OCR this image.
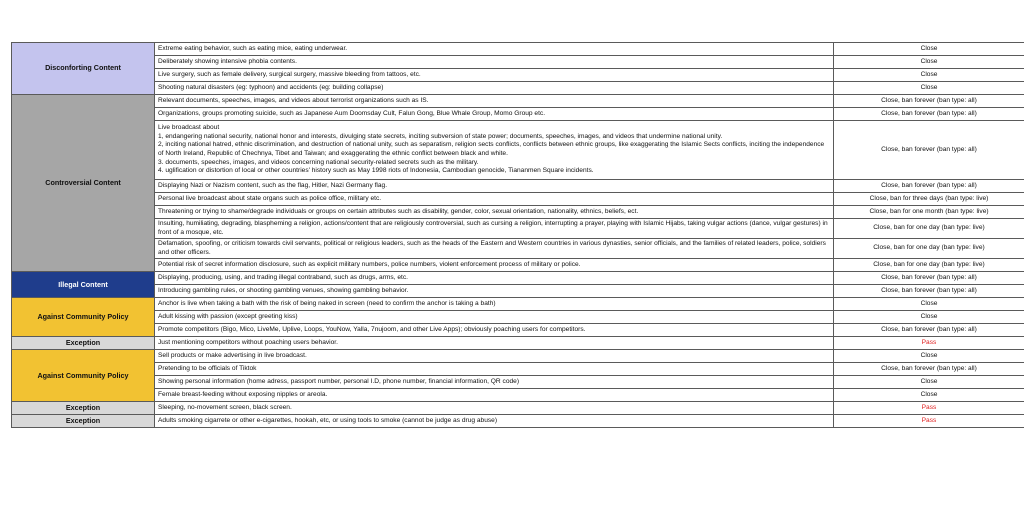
Disconforting Content	Extreme eating behavior, such as eating mice, eating underwear.	Close

	Deliberately showing intensive phobia contents.	Close

	Live surgery, such as female delivery, surgical surgery, massive bleeding from tattoos, etc.	Close

	Shooting natural disasters (eg: typhoon) and accidents (eg: building collapse)	Close
Controversial Content	Relevant documents, speeches, images, and videos about terrorist organizations such as IS.	Close, ban forever (ban type: all)

	Organizations, groups promoting suicide, such as Japanese Aum Doomsday Cult, Falun Gong, Blue Whale Group, Momo Group etc.	Close, ban forever (ban type: all)

	Live broadcast about
1, endangering national security, national honor and interests, divulging state secrets, inciting subversion of state power; documents, speeches, images, and videos that undermine national unity.
2, inciting national hatred, ethnic discrimination, and destruction of national unity, such as separatism, religion sects conflicts, conflicts between ethnic groups, like exaggerating the Islamic Sects conflicts, inciting the independence of North Ireland, Republic of Chechnya, Tibet and Taiwan; and exaggerating the ethnic conflict between black and white.
3. documents, speeches, images, and videos concerning national security-related secrets such as the military.
4. uglification or distortion of local or other countries' history such as May 1998 riots of Indonesia, Cambodian genocide, Tiananmen Square incidents.	Close, ban forever (ban type: all)

	Displaying Nazi or Nazism content, such as the flag, Hitler, Nazi Germany flag.	Close, ban forever (ban type: all)

	Personal live broadcast about state organs such as police office, military etc.	Close, ban for three days (ban type: live)

	Threatening or trying to shame/degrade individuals or groups on certain attributes such as disability, gender, color, sexual orientation, nationality, ethnics, beliefs, ect.	Close, ban for one month (ban type: live)

	Insulting, humiliating, degrading, blaspheming a religion, actions/content that are religiously controversial, such as cursing a religion, interrupting a prayer, playing with Islamic Hijabs, taking vulgar actions (dance, vulgar gestures) in front of a mosque, etc.	Close, ban for one day (ban type: live)

	Defamation, spoofing, or criticism towards civil servants, political or religious leaders, such as the heads of the Eastern and Western countries in various dynasties, senior officials, and the families of related leaders, police, soldiers and other officers.	Close, ban for one day (ban type: live)

	Potential risk of secret information disclosure, such as explicit military numbers, police numbers, violent enforcement process of military or police.	Close, ban for one day (ban type: live)
Illegal Content	Displaying, producing, using, and trading illegal contraband, such as drugs, arms, etc.	Close, ban forever (ban type: all)

	Introducing gambling rules, or shooting gambling venues, showing gambling behavior.	Close, ban forever (ban type: all)
Against Community Policy	Anchor is live when taking a bath with the risk of being naked in screen (need to confirm the anchor is taking a bath)	Close

	Adult kissing with passion (except greeting kiss)	Close

	Promote competitors (Bigo, Mico, LiveMe, Uplive, Loops, YouNow, Yalla, 7nujoom, and other Live Apps); obviously poaching users for competitors.	Close, ban forever (ban type: all)
Exception	Just mentioning competitors without poaching users behavior.	Pass
Against Community Policy	Sell products or make advertising in live broadcast.	Close

	Pretending to be officials of Tiktok	Close, ban forever (ban type: all)

	Showing personal information (home adress, passport number, personal I.D, phone number, financial information, QR code)	Close

	Female breast-feeding without exposing nipples or areola.	Close
Exception	Sleeping, no-movement screen, black screen.	Pass
Exception	Adults smoking cigarrete or other e-cigarettes, hookah, etc, or using tools to smoke (cannot be judge as drug abuse)	Pass
